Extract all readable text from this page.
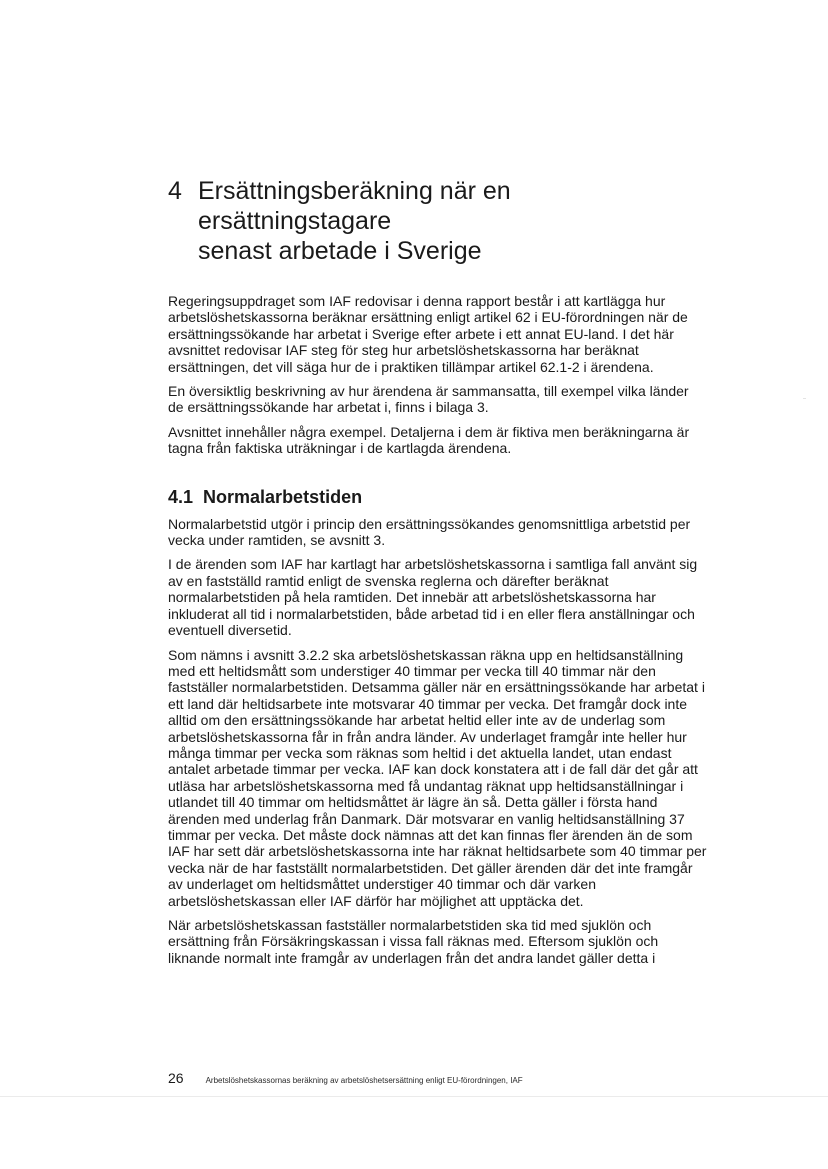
4 Ersättningsberäkning när en ersättningstagare
senast arbetade i Sverige

Regeringsuppdraget som IAF redovisar i denna rapport består i att kartlägga hur arbetslöshetskassorna beräknar ersättning enligt artikel 62 i EU-förordningen när de ersättningssökande har arbetat i Sverige efter arbete i ett annat EU-land. I det här avsnittet redovisar IAF steg för steg hur arbetslöshetskassorna har beräknat ersättningen, det vill säga hur de i praktiken tillämpar artikel 62.1-2 i ärendena.

En översiktlig beskrivning av hur ärendena är sammansatta, till exempel vilka länder de ersättningssökande har arbetat i, finns i bilaga 3.

Avsnittet innehåller några exempel. Detaljerna i dem är fiktiva men beräkningarna är tagna från faktiska uträkningar i de kartlagda ärendena.

4.1 Normalarbetstiden

Normalarbetstid utgör i princip den ersättningssökandes genomsnittliga arbetstid per vecka under ramtiden, se avsnitt 3.

I de ärenden som IAF har kartlagt har arbetslöshetskassorna i samtliga fall använt sig av en fastställd ramtid enligt de svenska reglerna och därefter beräknat normalarbetstiden på hela ramtiden. Det innebär att arbetslöshetskassorna har inkluderat all tid i normalarbetstiden, både arbetad tid i en eller flera anställningar och eventuell diversetid.

Som nämns i avsnitt 3.2.2 ska arbetslöshetskassan räkna upp en heltidsanställning med ett heltidsmått som understiger 40 timmar per vecka till 40 timmar när den fastställer normalarbetstiden. Detsamma gäller när en ersättningssökande har arbetat i ett land där heltidsarbete inte motsvarar 40 timmar per vecka. Det framgår dock inte alltid om den ersättningssökande har arbetat heltid eller inte av de underlag som arbetslöshetskassorna får in från andra länder. Av underlaget framgår inte heller hur många timmar per vecka som räknas som heltid i det aktuella landet, utan endast antalet arbetade timmar per vecka. IAF kan dock konstatera att i de fall där det går att utläsa har arbetslöshetskassorna med få undantag räknat upp heltidsanställningar i utlandet till 40 timmar om heltidsmåttet är lägre än så. Detta gäller i första hand ärenden med underlag från Danmark. Där motsvarar en vanlig heltidsanställning 37 timmar per vecka. Det måste dock nämnas att det kan finnas fler ärenden än de som IAF har sett där arbetslöshetskassorna inte har räknat heltidsarbete som 40 timmar per vecka när de har fastställt normalarbetstiden. Det gäller ärenden där det inte framgår av underlaget om heltidsmåttet understiger 40 timmar och där varken arbetslöshetskassan eller IAF därför har möjlighet att upptäcka det.

När arbetslöshetskassan fastställer normalarbetstiden ska tid med sjuklön och ersättning från Försäkringskassan i vissa fall räknas med. Eftersom sjuklön och liknande normalt inte framgår av underlagen från det andra landet gäller detta i

26	Arbetslöshetskassornas beräkning av arbetslöshetsersättning enligt EU-förordningen, IAF
